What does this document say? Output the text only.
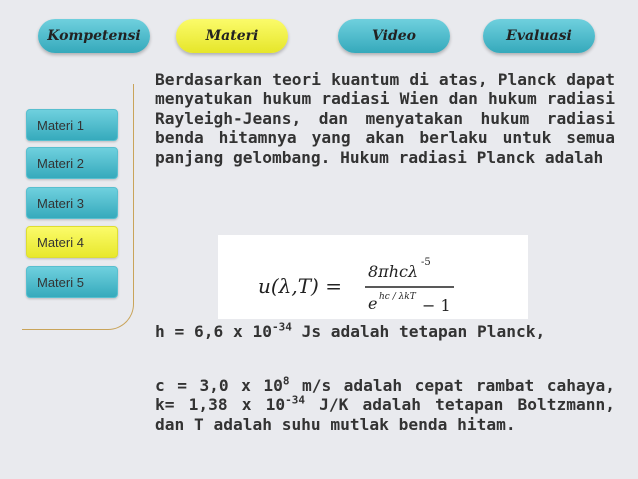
Kompetensi	Materi	Video	Evaluasi
Materi 1
Materi 2
Materi 3
Materi 4
Materi 5
Berdasarkan teori kuantum di atas, Planck dapat menyatukan hukum radiasi Wien dan hukum radiasi Rayleigh-Jeans, dan menyatakan hukum radiasi benda hitamnya yang akan berlaku untuk semua panjang gelombang. Hukum radiasi Planck adalah
u(λ,T) =
8πhcλ -5
e hc / λkT − 1
h = 6,6 x $10^{-34}$ Js adalah tetapan Planck,
c = 3,0 x $10^8$ m/s adalah cepat rambat cahaya, k= 1,38 x $10^{-34}$ J/K adalah tetapan Boltzmann, dan T adalah suhu mutlak benda hitam.
